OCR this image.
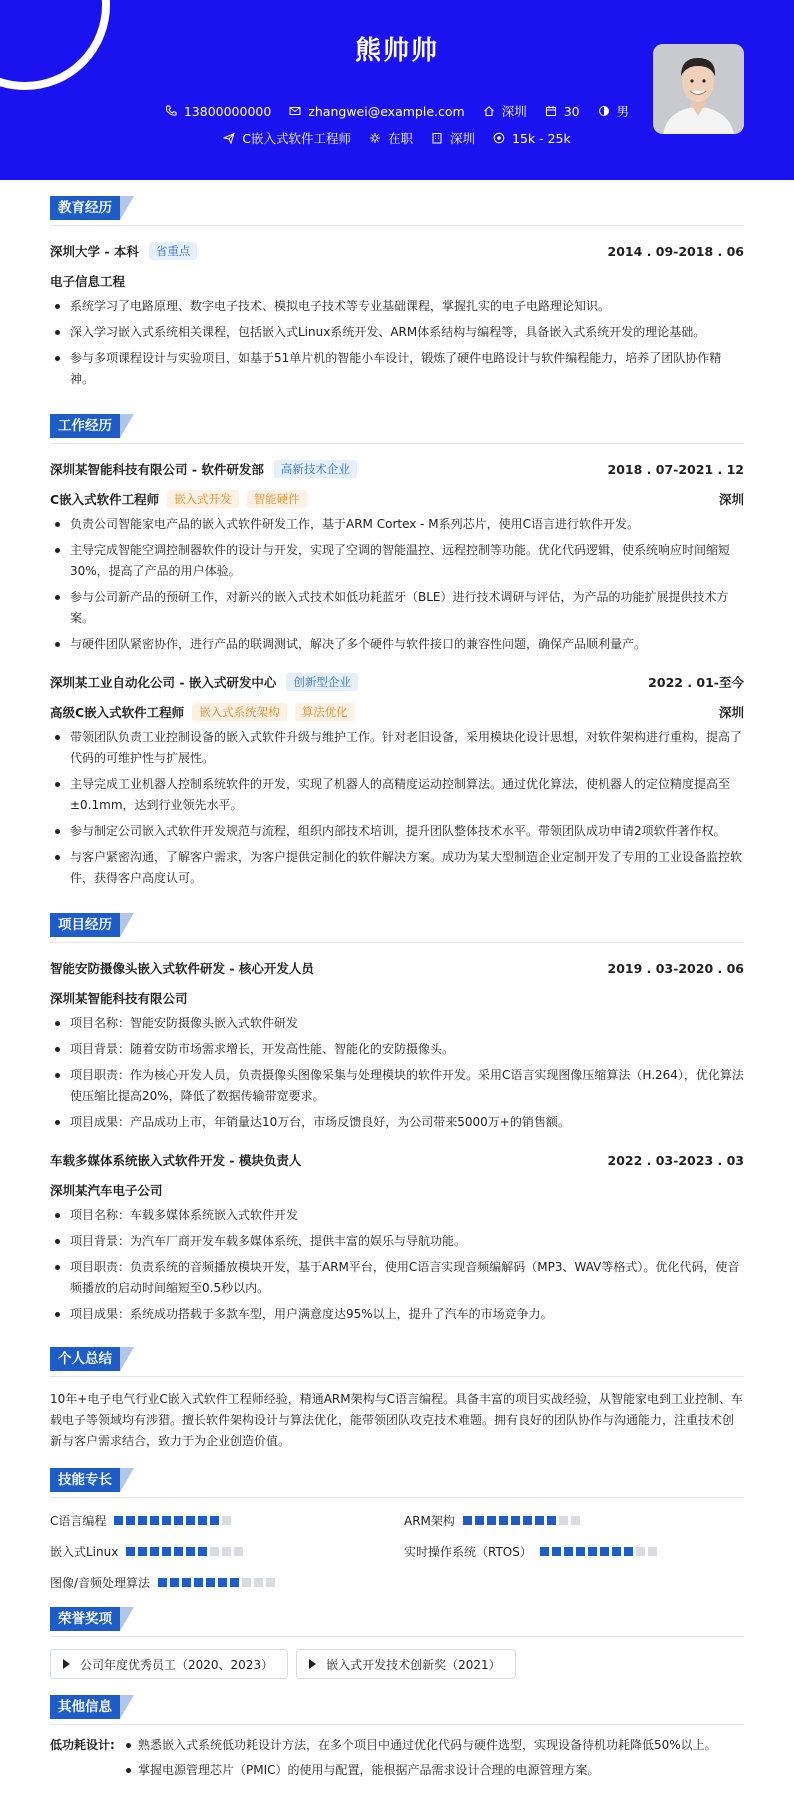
熊帅帅
13800000000	zhangwei@example.com	深圳	30	男
C嵌入式软件工程师	在职	深圳	15k - 25k
教育经历
深圳大学 - 本科	省重点	2014 . 09-2018 . 06
电子信息工程
系统学习了电路原理、数字电子技术、模拟电子技术等专业基础课程，掌握扎实的电子电路理论知识。
深入学习嵌入式系统相关课程，包括嵌入式Linux系统开发、ARM体系结构与编程等，具备嵌入式系统开发的理论基础。
参与多项课程设计与实验项目，如基于51单片机的智能小车设计，锻炼了硬件电路设计与软件编程能力，培养了团队协作精神。
工作经历
深圳某智能科技有限公司 - 软件研发部	高新技术企业	2018 . 07-2021 . 12
C嵌入式软件工程师	嵌入式开发	智能硬件	深圳
负责公司智能家电产品的嵌入式软件研发工作，基于ARM Cortex - M系列芯片，使用C语言进行软件开发。
主导完成智能空调控制器软件的设计与开发，实现了空调的智能温控、远程控制等功能。优化代码逻辑，使系统响应时间缩短30%，提高了产品的用户体验。
参与公司新产品的预研工作，对新兴的嵌入式技术如低功耗蓝牙（BLE）进行技术调研与评估，为产品的功能扩展提供技术方案。
与硬件团队紧密协作，进行产品的联调测试，解决了多个硬件与软件接口的兼容性问题，确保产品顺利量产。
深圳某工业自动化公司 - 嵌入式研发中心	创新型企业	2022 . 01-至今
高级C嵌入式软件工程师	嵌入式系统架构	算法优化	深圳
带领团队负责工业控制设备的嵌入式软件升级与维护工作。针对老旧设备，采用模块化设计思想，对软件架构进行重构，提高了代码的可维护性与扩展性。
主导完成工业机器人控制系统软件的开发，实现了机器人的高精度运动控制算法。通过优化算法，使机器人的定位精度提高至±0.1mm，达到行业领先水平。
参与制定公司嵌入式软件开发规范与流程，组织内部技术培训，提升团队整体技术水平。带领团队成功申请2项软件著作权。
与客户紧密沟通，了解客户需求，为客户提供定制化的软件解决方案。成功为某大型制造企业定制开发了专用的工业设备监控软件，获得客户高度认可。
项目经历
智能安防摄像头嵌入式软件研发 - 核心开发人员	2019 . 03-2020 . 06
深圳某智能科技有限公司
项目名称：智能安防摄像头嵌入式软件研发
项目背景：随着安防市场需求增长，开发高性能、智能化的安防摄像头。
项目职责：作为核心开发人员，负责摄像头图像采集与处理模块的软件开发。采用C语言实现图像压缩算法（H.264），优化算法使压缩比提高20%，降低了数据传输带宽要求。
项目成果：产品成功上市，年销量达10万台，市场反馈良好，为公司带来5000万+的销售额。
车载多媒体系统嵌入式软件开发 - 模块负责人	2022 . 03-2023 . 03
深圳某汽车电子公司
项目名称：车载多媒体系统嵌入式软件开发
项目背景：为汽车厂商开发车载多媒体系统，提供丰富的娱乐与导航功能。
项目职责：负责系统的音频播放模块开发，基于ARM平台，使用C语言实现音频编解码（MP3、WAV等格式）。优化代码，使音频播放的启动时间缩短至0.5秒以内。
项目成果：系统成功搭载于多款车型，用户满意度达95%以上，提升了汽车的市场竞争力。
个人总结

10年+电子电气行业C嵌入式软件工程师经验，精通ARM架构与C语言编程。具备丰富的项目实战经验，从智能家电到工业控制、车载电子等领域均有涉猎。擅长软件架构设计与算法优化，能带领团队攻克技术难题。拥有良好的团队协作与沟通能力，注重技术创新与客户需求结合，致力于为企业创造价值。

技能专长
C语言编程	ARM架构
嵌入式Linux	实时操作系统（RTOS）
图像/音频处理算法
荣誉奖项
公司年度优秀员工（2020、2023）	嵌入式开发技术创新奖（2021）
其他信息
低功耗设计:	熟悉嵌入式系统低功耗设计方法，在多个项目中通过优化代码与硬件选型，实现设备待机功耗降低50%以上。
掌握电源管理芯片（PMIC）的使用与配置，能根据产品需求设计合理的电源管理方案。
